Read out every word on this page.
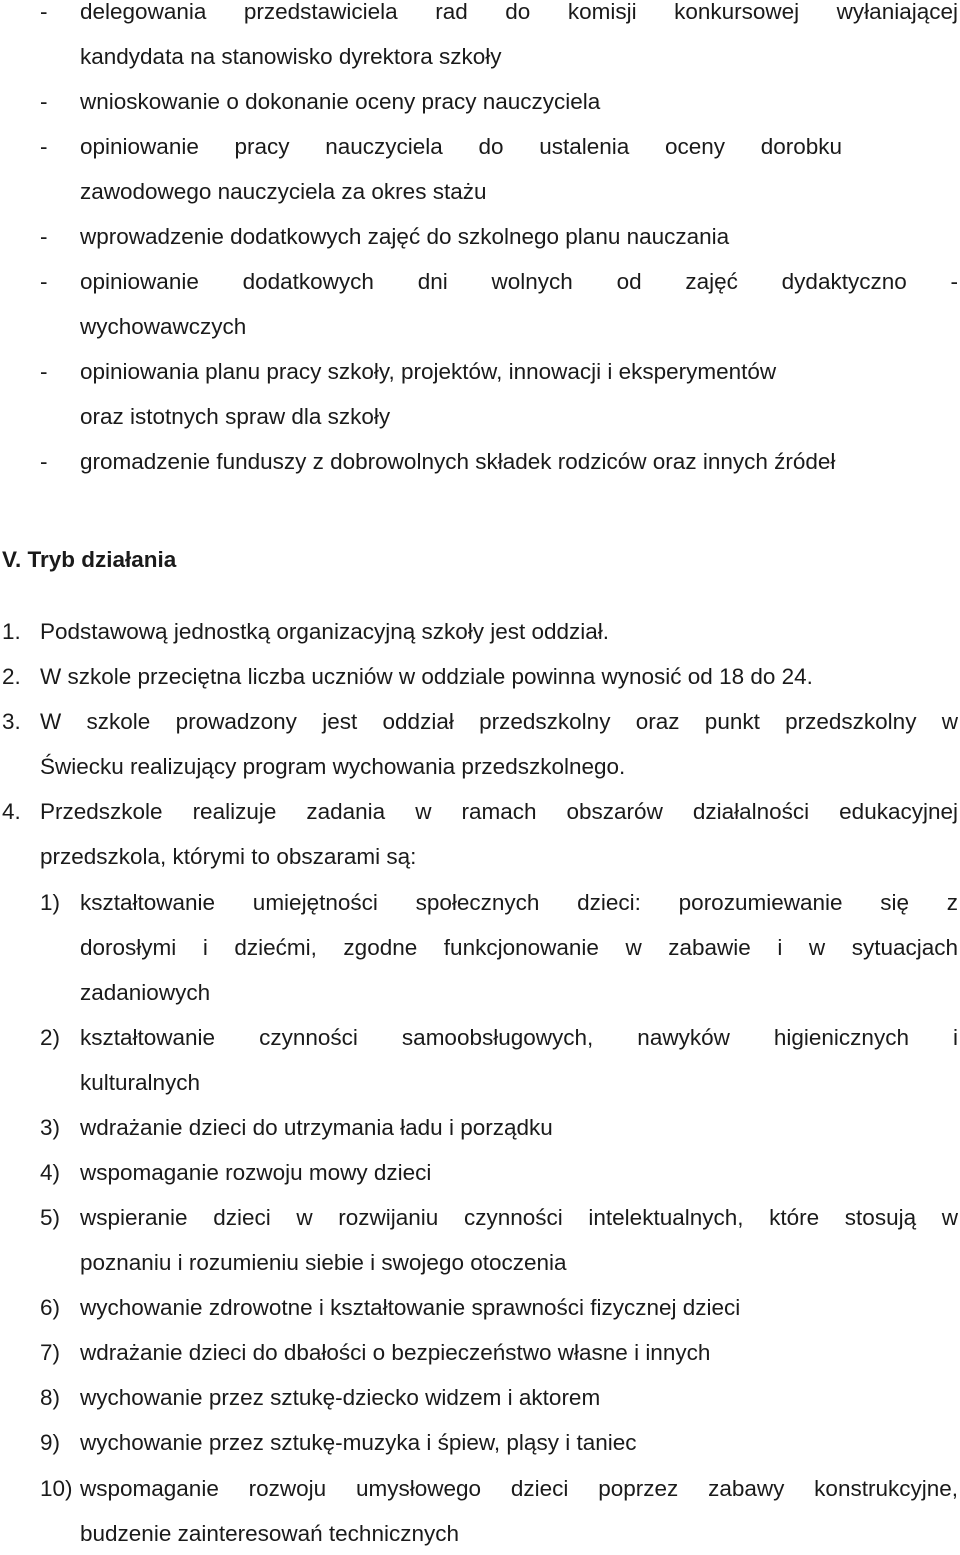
- delegowania przedstawiciela rad do komisji konkursowej wyłaniającej
kandydata na stanowisko dyrektora szkoły
- wnioskowanie o dokonanie oceny pracy nauczyciela
- opiniowanie pracy nauczyciela do ustalenia oceny dorobku
zawodowego nauczyciela za okres stażu
- wprowadzenie dodatkowych zajęć do szkolnego planu nauczania
- opiniowanie dodatkowych dni wolnych od zajęć dydaktyczno -
wychowawczych
- opiniowania planu pracy szkoły, projektów, innowacji i eksperymentów
oraz istotnych spraw dla szkoły
- gromadzenie funduszy z dobrowolnych składek rodziców oraz innych źródeł
V. Tryb działania
1. Podstawową jednostką organizacyjną szkoły jest oddział.
2. W szkole przeciętna liczba uczniów w oddziale powinna wynosić od 18 do 24.
3. W szkole prowadzony jest oddział przedszkolny oraz punkt przedszkolny w
Świecku realizujący program wychowania przedszkolnego.
4. Przedszkole realizuje zadania w ramach obszarów działalności edukacyjnej
przedszkola, którymi to obszarami są:
1) kształtowanie umiejętności społecznych dzieci: porozumiewanie się z
dorosłymi i dziećmi, zgodne funkcjonowanie w zabawie i w sytuacjach
zadaniowych
2) kształtowanie czynności samoobsługowych, nawyków higienicznych i
kulturalnych
3) wdrażanie dzieci do utrzymania ładu i porządku
4) wspomaganie rozwoju mowy dzieci
5) wspieranie dzieci w rozwijaniu czynności intelektualnych, które stosują w
poznaniu i rozumieniu siebie i swojego otoczenia
6) wychowanie zdrowotne i kształtowanie sprawności fizycznej dzieci
7) wdrażanie dzieci do dbałości o bezpieczeństwo własne i innych
8) wychowanie przez sztukę-dziecko widzem i aktorem
9) wychowanie przez sztukę-muzyka i śpiew, pląsy i taniec
10) wspomaganie rozwoju umysłowego dzieci poprzez zabawy konstrukcyjne,
budzenie zainteresowań technicznych
